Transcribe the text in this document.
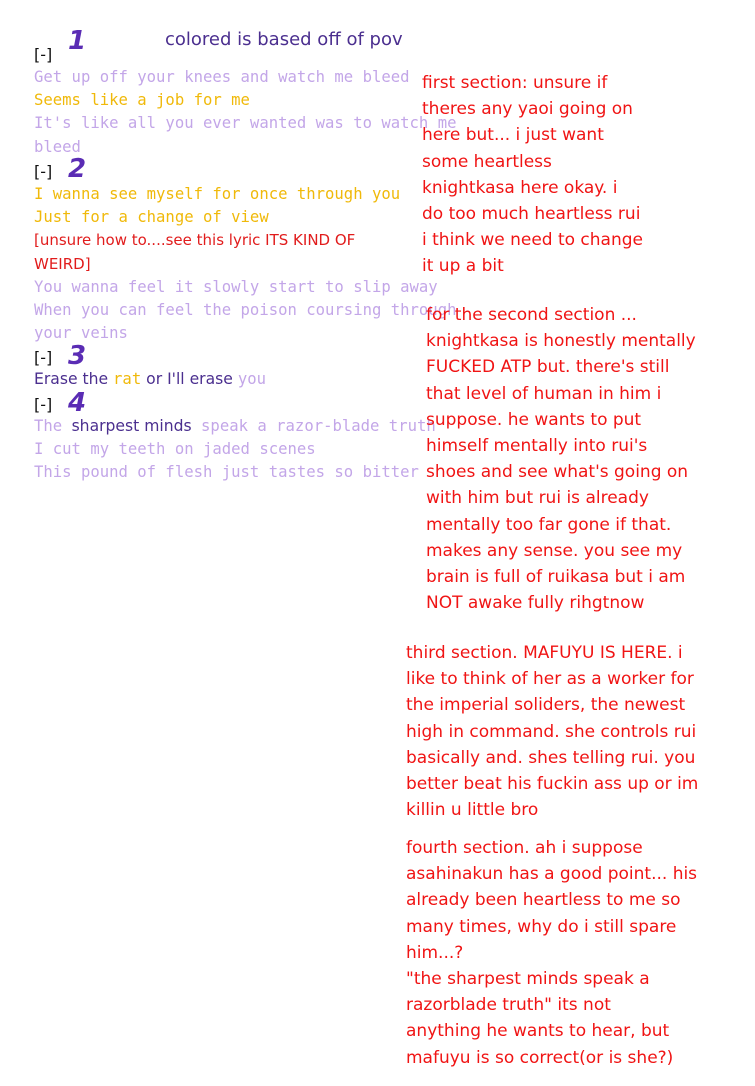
colored is based off of pov
[-] 1
Get up off your knees and watch me bleed
Seems like a job for me
It's like all you ever wanted was to watch me
bleed
[-] 2
I wanna see myself for once through you
Just for a change of view
[unsure how to....see this lyric ITS KIND OF
WEIRD]
You wanna feel it slowly start to slip away
When you can feel the poison coursing through
your veins
[-] 3
Erase the rat or I'll erase you
[-] 4
The sharpest minds speak a razor-blade truth
I cut my teeth on jaded scenes
This pound of flesh just tastes so bitter
first section: unsure if
theres any yaoi going on
here but... i just want
some heartless
knightkasa here okay. i
do too much heartless rui
i think we need to change
it up a bit
for the second section ...
knightkasa is honestly mentally
FUCKED ATP but. there's still
that level of human in him i
suppose. he wants to put
himself mentally into rui's
shoes and see what's going on
with him but rui is already
mentally too far gone if that.
makes any sense. you see my
brain is full of ruikasa but i am
NOT awake fully rihgtnow
third section. MAFUYU IS HERE. i
like to think of her as a worker for
the imperial soliders, the newest
high in command. she controls rui
basically and. shes telling rui. you
better beat his fuckin ass up or im
killin u little bro
fourth section. ah i suppose
asahinakun has a good point... his
already been heartless to me so
many times, why do i still spare
him...?
"the sharpest minds speak a
razorblade truth" its not
anything he wants to hear, but
mafuyu is so correct(or is she?)
